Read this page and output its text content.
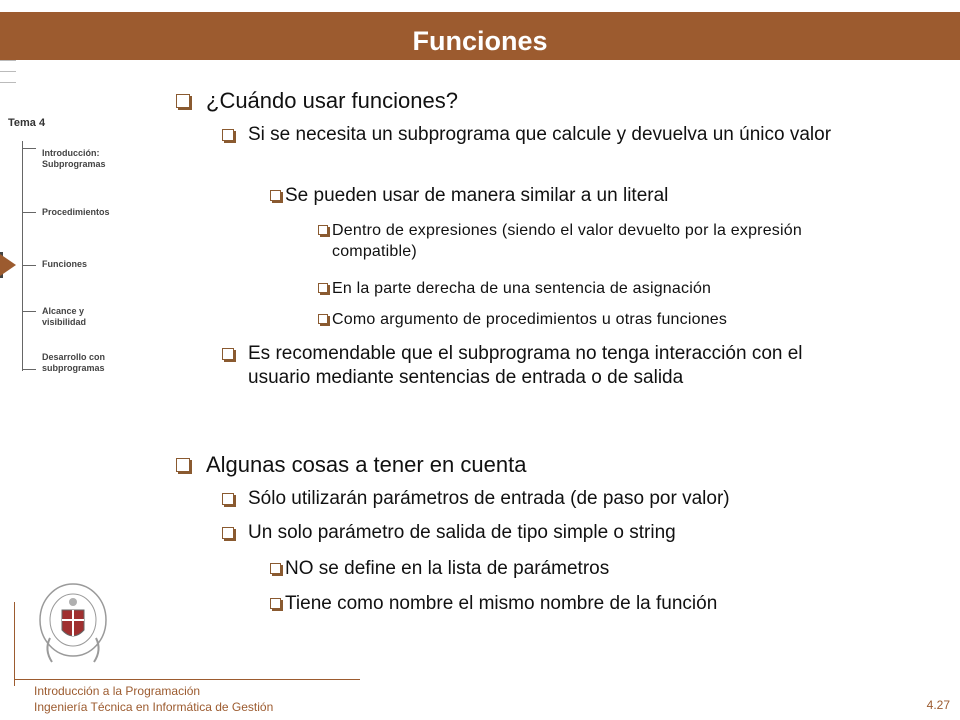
Funciones
Tema 4
Introducción:
Subprogramas
Procedimientos
Funciones
Alcance y
visibilidad
Desarrollo con
subprogramas
¿Cuándo usar funciones?
Si se necesita un subprograma que calcule y devuelva un único valor
Se pueden usar de manera similar a un literal
Dentro de expresiones (siendo el valor devuelto por la expresión compatible)
En la parte derecha de una sentencia de asignación
Como argumento de procedimientos u otras funciones
Es recomendable que el subprograma no tenga interacción con el usuario mediante sentencias de entrada o de salida
Algunas cosas a tener en cuenta
Sólo utilizarán parámetros de entrada (de paso por valor)
Un solo parámetro de salida de tipo simple o string
NO se define en la lista de parámetros
Tiene como nombre el mismo nombre de la función
Introducción a la Programación
Ingeniería Técnica en Informática de Gestión	4.27
